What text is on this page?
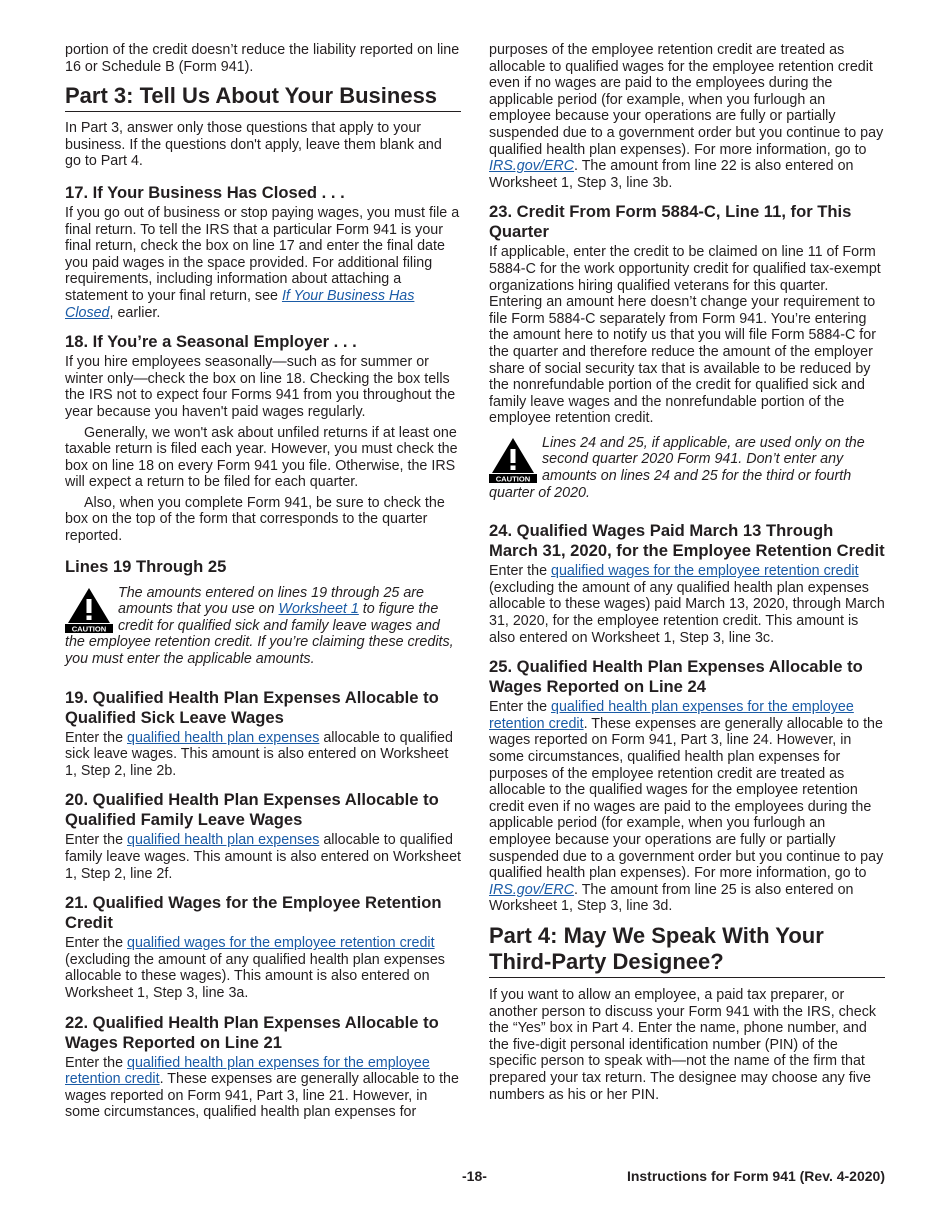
portion of the credit doesn’t reduce the liability reported on line 16 or Schedule B (Form 941).

Part 3: Tell Us About Your Business

In Part 3, answer only those questions that apply to your business. If the questions don't apply, leave them blank and go to Part 4.

17. If Your Business Has Closed . . .

If you go out of business or stop paying wages, you must file a final return. To tell the IRS that a particular Form 941 is your final return, check the box on line 17 and enter the final date you paid wages in the space provided. For additional filing requirements, including information about attaching a statement to your final return, see If Your Business Has Closed, earlier.

18. If You’re a Seasonal Employer . . .

If you hire employees seasonally—such as for summer or winter only—check the box on line 18. Checking the box tells the IRS not to expect four Forms 941 from you throughout the year because you haven't paid wages regularly.

Generally, we won't ask about unfiled returns if at least one taxable return is filed each year. However, you must check the box on line 18 on every Form 941 you file. Otherwise, the IRS will expect a return to be filed for each quarter.

Also, when you complete Form 941, be sure to check the box on the top of the form that corresponds to the quarter reported.

Lines 19 Through 25
CAUTION

The amounts entered on lines 19 through 25 are amounts that you use on Worksheet 1 to figure the credit for qualified sick and family leave wages and the employee retention credit. If you’re claiming these credits, you must enter the applicable amounts.

19. Qualified Health Plan Expenses Allocable to Qualified Sick Leave Wages

Enter the qualified health plan expenses allocable to qualified sick leave wages. This amount is also entered on Worksheet 1, Step 2, line 2b.

20. Qualified Health Plan Expenses Allocable to Qualified Family Leave Wages

Enter the qualified health plan expenses allocable to qualified family leave wages. This amount is also entered on Worksheet 1, Step 2, line 2f.

21. Qualified Wages for the Employee Retention Credit

Enter the qualified wages for the employee retention credit (excluding the amount of any qualified health plan expenses allocable to these wages). This amount is also entered on Worksheet 1, Step 3, line 3a.

22. Qualified Health Plan Expenses Allocable to Wages Reported on Line 21

Enter the qualified health plan expenses for the employee retention credit. These expenses are generally allocable to the wages reported on Form 941, Part 3, line 21. However, in some circumstances, qualified health plan expenses for

purposes of the employee retention credit are treated as allocable to qualified wages for the employee retention credit even if no wages are paid to the employees during the applicable period (for example, when you furlough an employee because your operations are fully or partially suspended due to a government order but you continue to pay qualified health plan expenses). For more information, go to IRS.gov/ERC. The amount from line 22 is also entered on Worksheet 1, Step 3, line 3b.

23. Credit From Form 5884-C, Line 11, for This Quarter

If applicable, enter the credit to be claimed on line 11 of Form 5884-C for the work opportunity credit for qualified tax-exempt organizations hiring qualified veterans for this quarter. Entering an amount here doesn’t change your requirement to file Form 5884-C separately from Form 941. You’re entering the amount here to notify us that you will file Form 5884-C for the quarter and therefore reduce the amount of the employer share of social security tax that is available to be reduced by the nonrefundable portion of the credit for qualified sick and family leave wages and the nonrefundable portion of the employee retention credit.

CAUTION

Lines 24 and 25, if applicable, are used only on the second quarter 2020 Form 941. Don’t enter any amounts on lines 24 and 25 for the third or fourth quarter of 2020.

24. Qualified Wages Paid March 13 Through March 31, 2020, for the Employee Retention Credit

Enter the qualified wages for the employee retention credit (excluding the amount of any qualified health plan expenses allocable to these wages) paid March 13, 2020, through March 31, 2020, for the employee retention credit. This amount is also entered on Worksheet 1, Step 3, line 3c.

25. Qualified Health Plan Expenses Allocable to Wages Reported on Line 24

Enter the qualified health plan expenses for the employee retention credit. These expenses are generally allocable to the wages reported on Form 941, Part 3, line 24. However, in some circumstances, qualified health plan expenses for purposes of the employee retention credit are treated as allocable to the qualified wages for the employee retention credit even if no wages are paid to the employees during the applicable period (for example, when you furlough an employee because your operations are fully or partially suspended due to a government order but you continue to pay qualified health plan expenses). For more information, go to IRS.gov/ERC. The amount from line 25 is also entered on Worksheet 1, Step 3, line 3d.

Part 4: May We Speak With Your Third-Party Designee?

If you want to allow an employee, a paid tax preparer, or another person to discuss your Form 941 with the IRS, check the “Yes” box in Part 4. Enter the name, phone number, and the five-digit personal identification number (PIN) of the specific person to speak with—not the name of the firm that prepared your tax return. The designee may choose any five numbers as his or her PIN.

-18-	Instructions for Form 941 (Rev. 4-2020)
